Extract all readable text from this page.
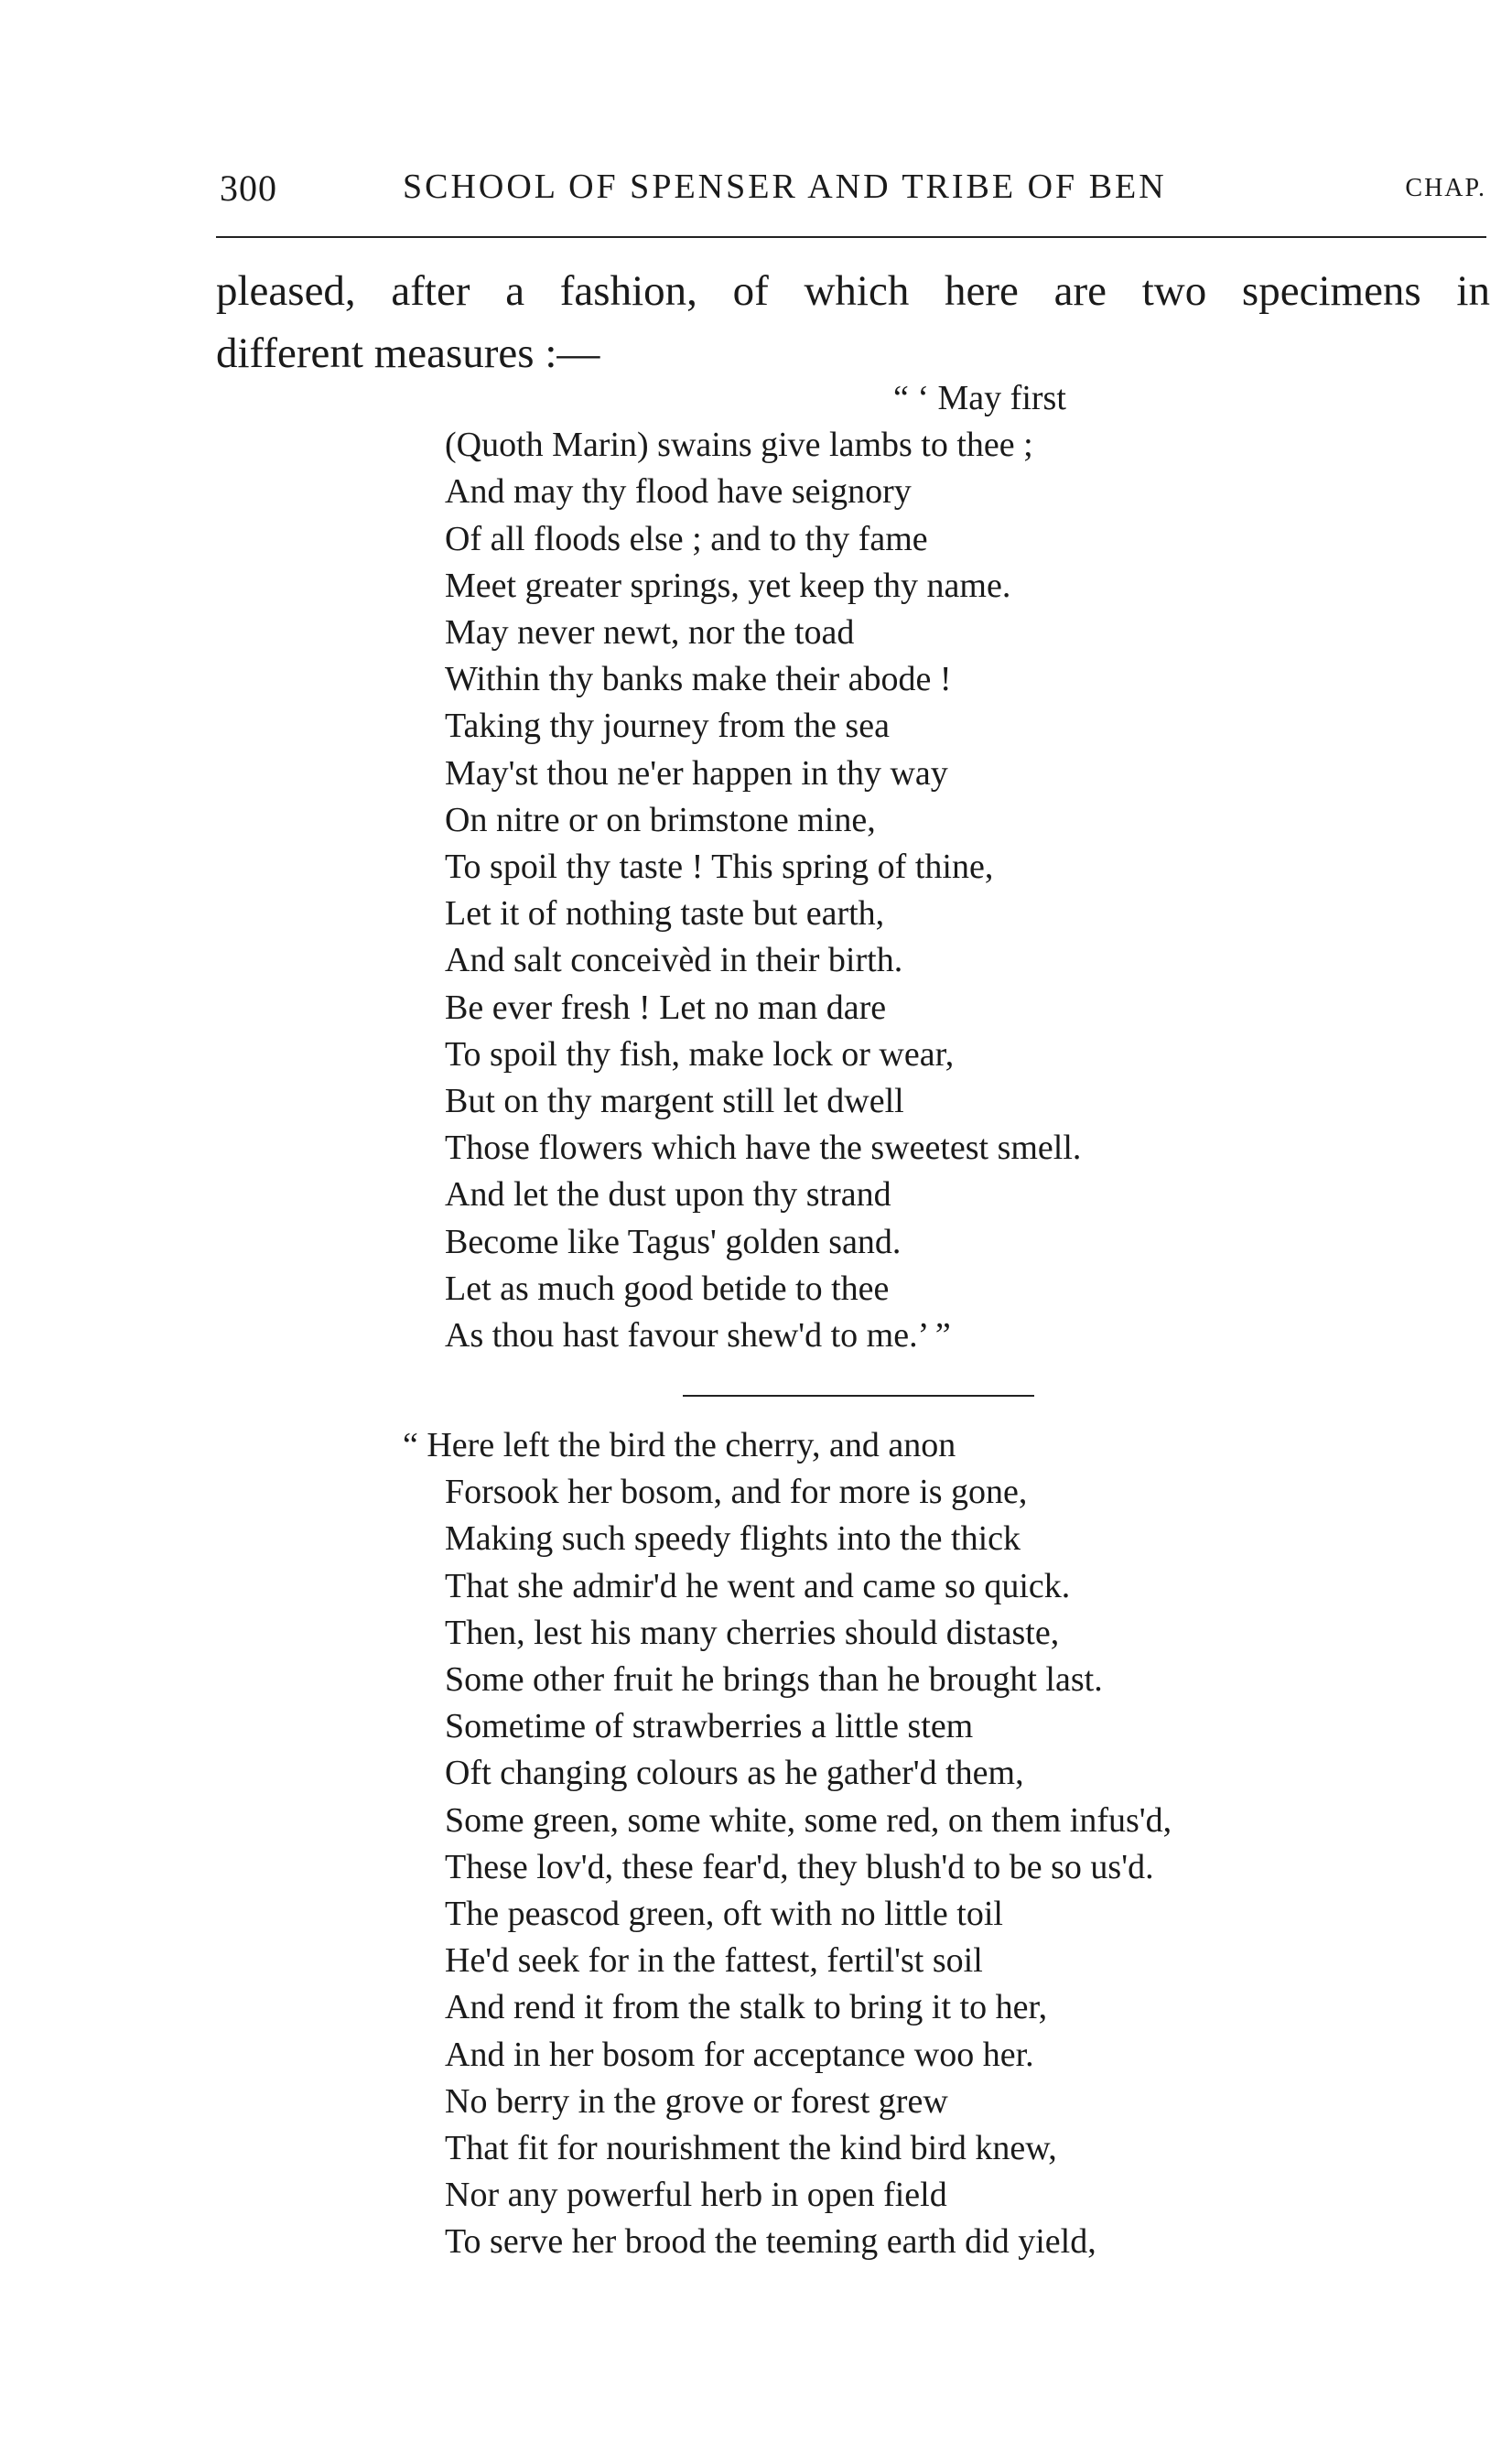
300	SCHOOL OF SPENSER AND TRIBE OF BEN	CHAP.
pleased, after a fashion, of which here are two specimens in
different measures :—
“ ‘ May first
(Quoth Marin) swains give lambs to thee ;
And may thy flood have seignory
Of all floods else ; and to thy fame
Meet greater springs, yet keep thy name.
May never newt, nor the toad
Within thy banks make their abode !
Taking thy journey from the sea
May'st thou ne'er happen in thy way
On nitre or on brimstone mine,
To spoil thy taste ! This spring of thine,
Let it of nothing taste but earth,
And salt conceivèd in their birth.
Be ever fresh ! Let no man dare
To spoil thy fish, make lock or wear,
But on thy margent still let dwell
Those flowers which have the sweetest smell.
And let the dust upon thy strand
Become like Tagus' golden sand.
Let as much good betide to thee
As thou hast favour shew'd to me.’ ”
“ Here left the bird the cherry, and anon
Forsook her bosom, and for more is gone,
Making such speedy flights into the thick
That she admir'd he went and came so quick.
Then, lest his many cherries should distaste,
Some other fruit he brings than he brought last.
Sometime of strawberries a little stem
Oft changing colours as he gather'd them,
Some green, some white, some red, on them infus'd,
These lov'd, these fear'd, they blush'd to be so us'd.
The peascod green, oft with no little toil
He'd seek for in the fattest, fertil'st soil
And rend it from the stalk to bring it to her,
And in her bosom for acceptance woo her.
No berry in the grove or forest grew
That fit for nourishment the kind bird knew,
Nor any powerful herb in open field
To serve her brood the teeming earth did yield,
